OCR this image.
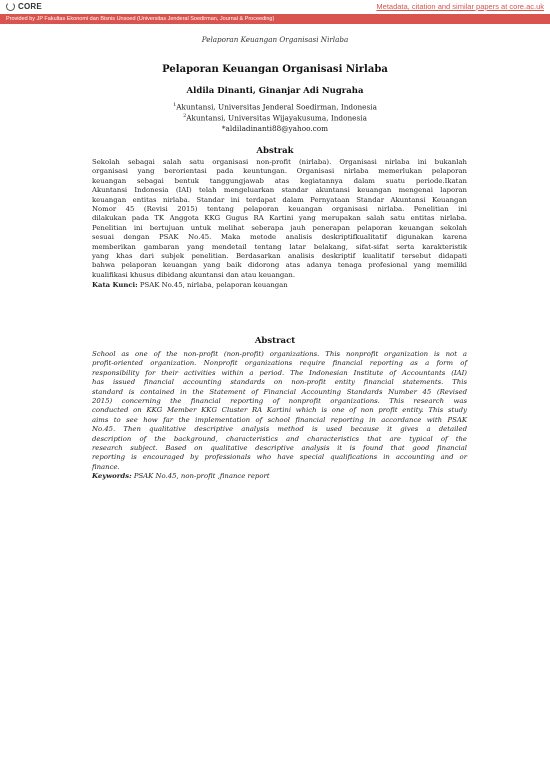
CORE	Metadata, citation and similar papers at core.ac.uk
Provided by JP Fakultas Ekonomi dan Bisnis Unsoed (Universitas Jenderal Soedirman, Journal & Proceeding)
Pelaporan Keuangan Organisasi Nirlaba
Pelaporan Keuangan Organisasi Nirlaba
Aldila Dinanti, Ginanjar Adi Nugraha
$^1$Akuntansi, Universitas Jenderal Soedirman, Indonesia
$^2$Akuntansi, Universitas Wijayakusuma, Indonesia
*aldiladinanti88@yahoo.com
Abstrak
Sekolah sebagai salah satu organisasi non-profit (nirlaba). Organisasi nirlaba ini bukanlah
organisasi yang berorientasi pada keuntungan. Organisasi nirlaba memerlukan pelaporan
keuangan sebagai bentuk tanggungjawab atas kegiatannya dalam suatu periode.Ikatan
Akuntansi Indonesia (IAI) telah mengeluarkan standar akuntansi keuangan mengenai laporan
keuangan entitas nirlaba. Standar ini terdapat dalam Pernyataan Standar Akuntansi Keuangan
Nomor 45 (Revisi 2015) tentang pelaporan keuangan organisasi nirlaba. Penelitian ini
dilakukan pada TK Anggota KKG Gugus RA Kartini yang merupakan salah satu entitas nirlaba.
Penelitian ini bertujuan untuk melihat seberapa jauh penerapan pelaporan keuangan sekolah
sesuai dengan PSAK No.45. Maka metode analisis deskriptifkualitatif digunakan karena
memberikan gambaran yang mendetail tentang latar belakang, sifat-sifat serta karakteristik
yang khas dari subjek penelitian. Berdasarkan analisis deskriptif kualitatif tersebut didapati
bahwa pelaporan keuangan yang baik didorong atas adanya tenaga profesional yang memiliki
kualifikasi khusus dibidang akuntansi dan atau keuangan.
Kata Kunci: PSAK No.45, nirlaba, pelaporan keuangan
Abstract
School as one of the non-profit (non-profit) organizations. This nonprofit organization is not a
profit-oriented organization. Nonprofit organizations require financial reporting as a form of
responsibility for their activities within a period. The Indonesian Institute of Accountants (IAI)
has issued financial accounting standards on non-profit entity financial statements. This
standard is contained in the Statement of Financial Accounting Standards Number 45 (Revised
2015) concerning the financial reporting of nonprofit organizations. This research was
conducted on KKG Member KKG Cluster RA Kartini which is one of non profit entity. This study
aims to see how far the implementation of school financial reporting in accordance with PSAK
No.45. Then qualitative descriptive analysis method is used because it gives a detailed
description of the background, characteristics and characteristics that are typical of the
research subject. Based on qualitative descriptive analysis it is found that good financial
reporting is encouraged by professionals who have special qualifications in accounting and or
finance.
Keywords: PSAK No.45, non-profit ,finance report
